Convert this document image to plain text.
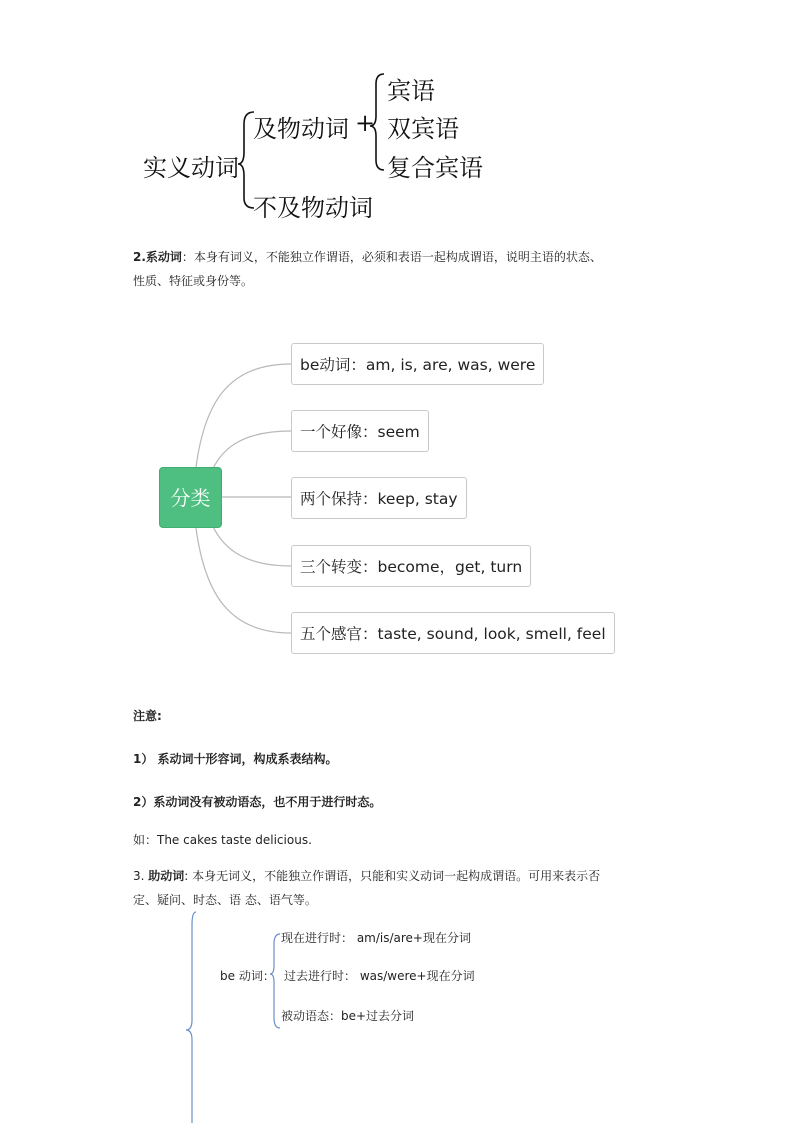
实义动词
及物动词 +
宾语
双宾语
复合宾语
不及物动词
2.系动词：本身有词义，不能独立作谓语，必须和表语一起构成谓语，说明主语的状态、
性质、特征或身份等。
分类
be动词：am, is, are, was, were
一个好像：seem
两个保持：keep, stay
三个转变：become，get, turn
五个感官：taste, sound, look, smell, feel
注意:
1） 系动词十形容词，构成系表结构。
2）系动词没有被动语态，也不用于进行时态。
如：The cakes taste delicious.
3. 助动词: 本身无词义，不能独立作谓语，只能和实义动词一起构成谓语。可用来表示否
定、疑问、时态、语 态、语气等。
be 动词：
现在进行时： am/is/are+现在分词
过去进行时： was/were+现在分词
被动语态：be+过去分词
